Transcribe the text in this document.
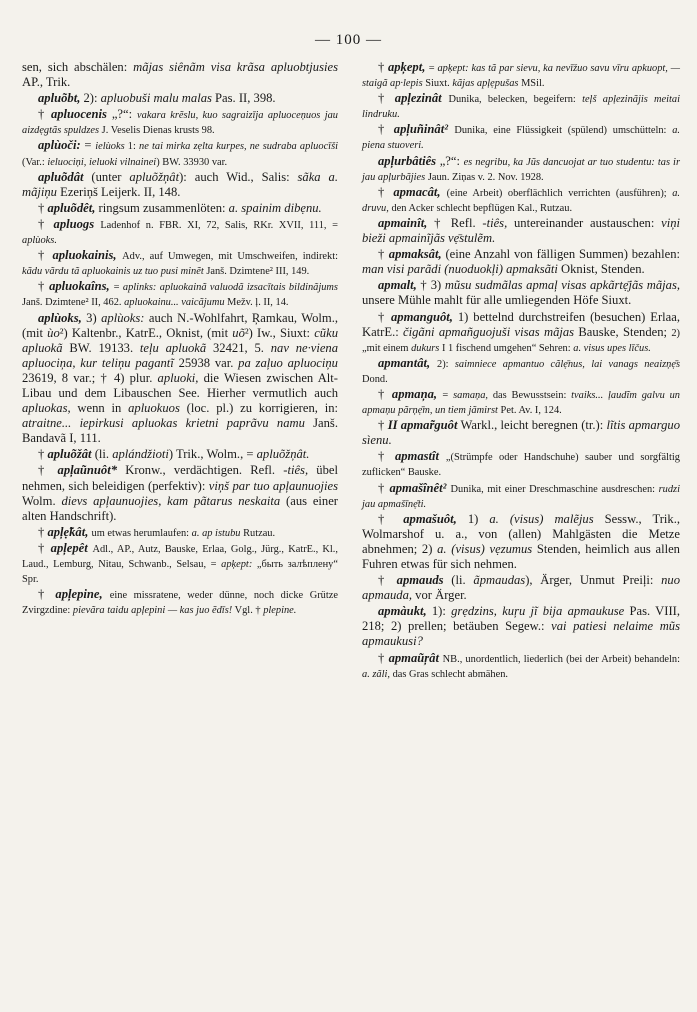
— 100 —

sen, sich abschälen: mãjas siênãm visa krãsa apluobtjusies AP., Trik.

apluõbt, 2): apluobuši malu malas Pas. II, 398.

† apluocenis „?“: vakara krẽslu, kuo sagraizīja apluoceņuos jau aizdẹgtãs spuldzes J. Veselis Dienas krusts 98.

aplùoči: = ielùoks 1: ne tai mirka zẹlta kurpes, ne sudraba apluocīši (Var.: ieluociņi, ieluoki vilnainei) BW. 33930 var.

apluõdât (unter apluõžņât): auch Wid., Salis: sãka a. mãjiņu Ezeriņš Leijerk. II, 148.

† apluõdêt, ringsum zusammenlöten: a. spainim dibẹnu.

† apluogs Ladenhof n. FBR. XI, 72, Salis, RKr. XVII, 111, = aplùoks.

† apluokainis, Adv., auf Umwegen, mit Umschweifen, indirekt: kãdu vãrdu tã apluokainis uz tuo pusi minẽt Janš. Dzimtene² III, 149.

† apluokaîns, = aplinks: apluokainã valuodã izsacītais bildinãjums Janš. Dzimtene² II, 462. apluokainu... vaicãjumu Mežv. ļ. II, 14.

aplùoks, 3) aplùoks: auch N.-Wohlfahrt, Ŗamkau, Wolm., (mit ùo²) Kaltenbr., KatrE., Oknist, (mit uõ²) Iw., Siuxt: cũku apluokã BW. 19133. teļu apluokã 32421, 5. nav ne·viena apluociņa, kur teliņu pagantĩ 25938 var. pa zaļuo apluociņu 23619, 8 var.; † 4) plur. apluoki, die Wiesen zwischen Alt-Libau und dem Libauschen See. Hierher vermutlich auch apluokas, wenn in apluokuos (loc. pl.) zu korrigieren, in: atraitne... iepirkusi apluokas krietni paprãvu namu Janš. Bandavã I, 111.

† apluõžât (li. aplándžioti) Trik., Wolm., = apluõžņât.

† apļaũnuôt* Kronw., verdächtigen. Refl. -tiês, übel nehmen, sich beleidigen (perfektiv): viņš par tuo apļaunuojies Wolm. dievs apļaunuojies, kam pãtarus neskaita (aus einer alten Handschrift).

† apļẹ̃kât, um etwas herumlaufen: a. ap istubu Rutzau.

† apļepêt Adl., AP., Autz, Bauske, Erlaa, Golg., Jürg., KatrE., Kl., Laud., Lemburg, Nitau, Schwanb., Selsau, = apķept: „быть залѣплену“ Spr.

† apļepine, eine missratene, weder dünne, noch dicke Grütze Zvirgzdine: pievãra taidu apļepini — kas juo ẽdīs! Vgl. † plepine.

† apķept, = apķept: kas tã par sievu, ka nevīžuo savu vīru apkuopt, — staigã ap·lepis Siuxt. kãjas apļẹpušas MSil.

† apļezinât Dunika, belecken, begeifern: teļš apļezinãjis meitai lindruku.

† apļuñinât² Dunika, eine Flüssigkeit (spülend) umschütteln: a. piena stuoveri.

apļurbâtiês „?“: es negribu, ka Jũs dancuojat ar tuo studentu: tas ir jau apļurbãjies Jaun. Ziņas v. 2. Nov. 1928.

† apmacât, (eine Arbeit) oberflächlich verrichten (ausführen); a. druvu, den Acker schlecht bepflügen Kal., Rutzau.

apmainît, † Refl. -tiês, untereinander austauschen: viņi bieži apmainĩjãs vẹ̄stulẽm.

† apmaksât, (eine Anzahl von fälligen Summen) bezahlen: man visi parãdi (nuoduokļi) apmaksãti Oknist, Stenden.

apmalt, † 3) mũsu sudmãlas apmaļ visas apkãrtẹ̄jãs mãjas, unsere Mühle mahlt für alle umliegenden Höfe Siuxt.

† apmanguôt, 1) bettelnd durchstreifen (besuchen) Erlaa, KatrE.: čigãni apmañguojuši visas mãjas Bauske, Stenden; 2) „mit einem dukurs I 1 fischend umgehen“ Sehren: a. visus upes līčus.

apmantât, 2): saimniece apmantuo cãlẹ̄nus, lai vanags neaizņẹ̄s Dond.

† apmaņa, = samaņa, das Bewusstsein: tvaiks... ļaudĩm galvu un apmaņu pãrņẹ̄m, un tiem jãmirst Pet. Av. I, 124.

† II apmar̃guôt Warkl., leicht beregnen (tr.): lĩtis apmarguo sìenu.

† apmastît „(Strümpfe oder Handschuhe) sauber und sorgfältig zuflicken“ Bauske.

† apmašînêt² Dunika, mit einer Dreschmaschine ausdreschen: rudzi jau apmašīnẹ̄ti.

† apmašuôt, 1) a. (visus) malẽjus Sessw., Trik., Wolmarshof u. a., von (allen) Mahlgästen die Metze abnehmen; 2) a. (visus) vẹzumus Stenden, heimlich aus allen Fuhren etwas für sich nehmen.

† apmauds (li. ãpmaudas), Ärger, Unmut Preiļi: nuo apmauda, vor Ärger.

apmàukt, 1): grẹdzins, kuŗu jĩ bija apmaukuse Pas. VIII, 218; 2) prellen; betäuben Segew.: vai patiesi nelaime mũs apmaukusi?

† apmaũŗât NB., unordentlich, liederlich (bei der Arbeit) behandeln: a. zãli, das Gras schlecht abmähen.
